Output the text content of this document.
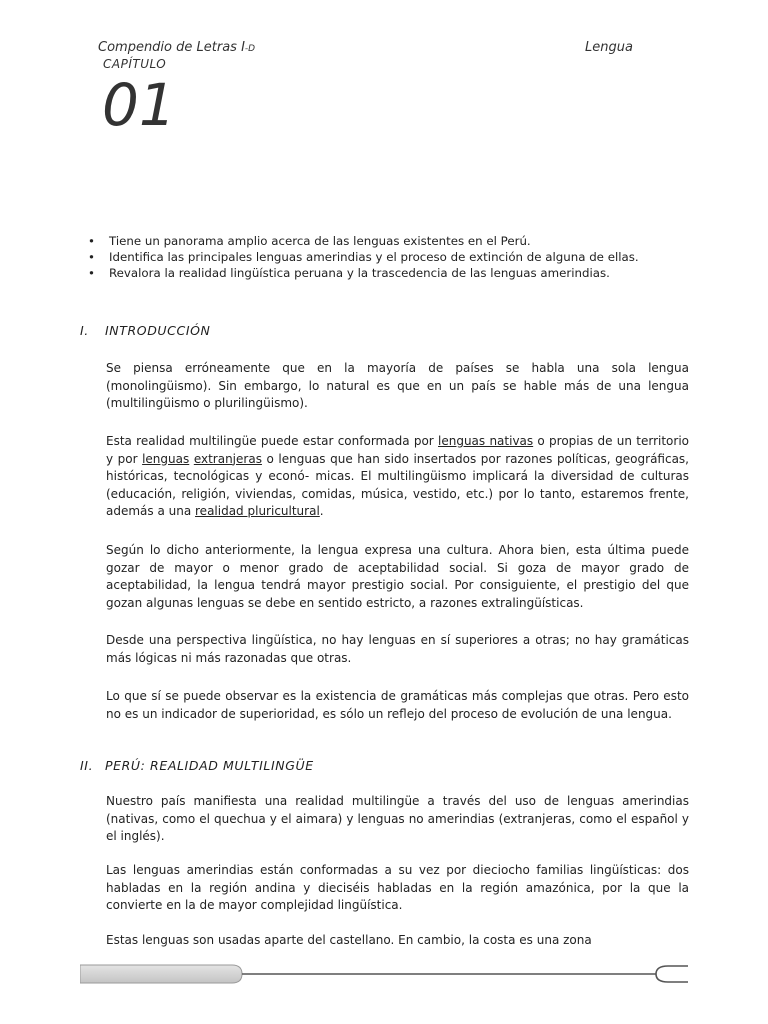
Compendio de Letras I-D	Lengua
CAPÍTULO
01
• Tiene un panorama amplio acerca de las lenguas existentes en el Perú.
• Identifica las principales lenguas amerindias y el proceso de extinción de alguna de ellas.
• Revalora la realidad lingüística peruana y la trascedencia de las lenguas amerindias.
I. INTRODUCCIÓN

Se piensa erróneamente que en la mayoría de países se habla una sola lengua (monolingüismo). Sin embargo, lo natural es que en un país se hable más de una lengua (multilingüismo o plurilingüismo).

Esta realidad multilingüe puede estar conformada por lenguas nativas o propias de un territorio y por lenguas extranjeras o lenguas que han sido insertados por razones políticas, geográficas, históricas, tecnológicas y econó- micas. El multilingüismo implicará la diversidad de culturas (educación, religión, viviendas, comidas, música, vestido, etc.) por lo tanto, estaremos frente, además a una realidad pluricultural.

Según lo dicho anteriormente, la lengua expresa una cultura. Ahora bien, esta última puede gozar de mayor o menor grado de aceptabilidad social. Si goza de mayor grado de aceptabilidad, la lengua tendrá mayor prestigio social. Por consiguiente, el prestigio del que gozan algunas lenguas se debe en sentido estricto, a razones extralingüísticas.

Desde una perspectiva lingüística, no hay lenguas en sí superiores a otras; no hay gramáticas más lógicas ni más razonadas que otras.

Lo que sí se puede observar es la existencia de gramáticas más complejas que otras. Pero esto no es un indicador de superioridad, es sólo un reflejo del proceso de evolución de una lengua.

II. PERÚ: REALIDAD MULTILINGÜE

Nuestro país manifiesta una realidad multilingüe a través del uso de lenguas amerindias (nativas, como el quechua y el aimara) y lenguas no amerindias (extranjeras, como el español y el inglés).

Las lenguas amerindias están conformadas a su vez por dieciocho familias lingüísticas: dos habladas en la región andina y dieciséis habladas en la región amazónica, por la que la convierte en la de mayor complejidad lingüística.

Estas lenguas son usadas aparte del castellano. En cambio, la costa es una zona
